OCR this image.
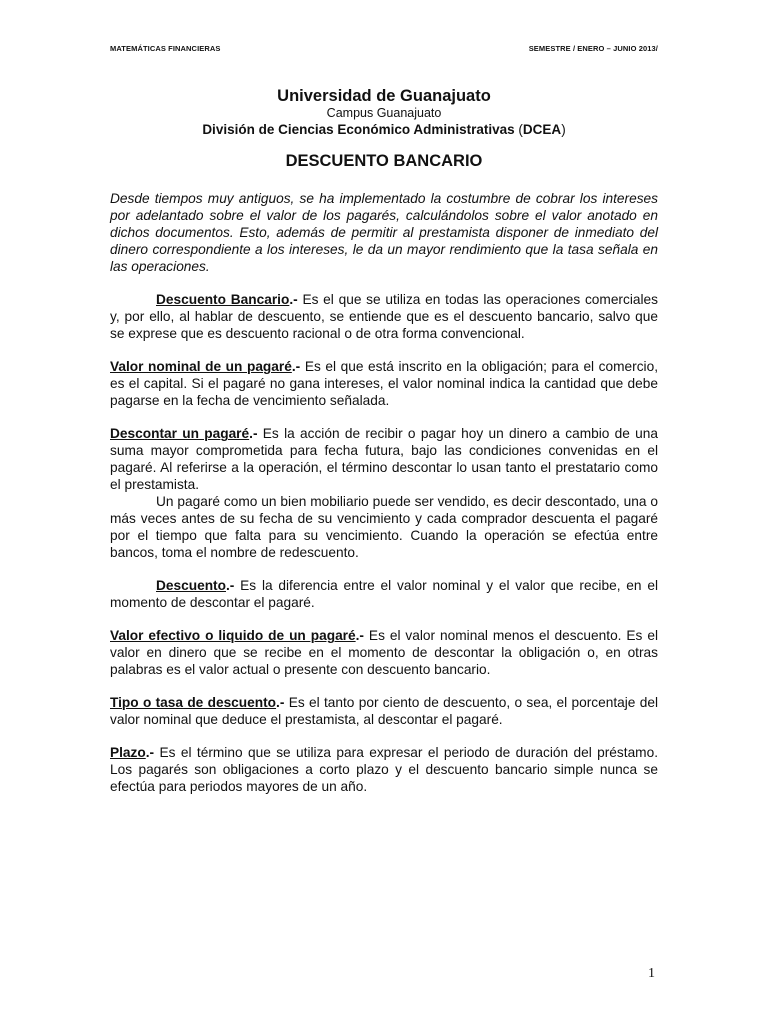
MATEMÁTICAS FINANCIERAS	SEMESTRE / ENERO – JUNIO 2013/
Universidad de Guanajuato
Campus Guanajuato
División de Ciencias Económico Administrativas (DCEA)
DESCUENTO BANCARIO

Desde tiempos muy antiguos, se ha implementado la costumbre de cobrar los intereses por adelantado sobre el valor de los pagarés, calculándolos sobre el valor anotado en dichos documentos. Esto, además de permitir al prestamista disponer de inmediato del dinero correspondiente a los intereses, le da un mayor rendimiento que la tasa señala en las operaciones.

Descuento Bancario.- Es el que se utiliza en todas las operaciones comerciales y, por ello, al hablar de descuento, se entiende que es el descuento bancario, salvo que se exprese que es descuento racional o de otra forma convencional.

Valor nominal de un pagaré.- Es el que está inscrito en la obligación; para el comercio, es el capital. Si el pagaré no gana intereses, el valor nominal indica la cantidad que debe pagarse en la fecha de vencimiento señalada.

Descontar un pagaré.- Es la acción de recibir o pagar hoy un dinero a cambio de una suma mayor comprometida para fecha futura, bajo las condiciones convenidas en el pagaré. Al referirse a la operación, el término descontar lo usan tanto el prestatario como el prestamista.

Un pagaré como un bien mobiliario puede ser vendido, es decir descontado, una o más veces antes de su fecha de su vencimiento y cada comprador descuenta el pagaré por el tiempo que falta para su vencimiento. Cuando la operación se efectúa entre bancos, toma el nombre de redescuento.

Descuento.- Es la diferencia entre el valor nominal y el valor que recibe, en el momento de descontar el pagaré.

Valor efectivo o liquido de un pagaré.- Es el valor nominal menos el descuento. Es el valor en dinero que se recibe en el momento de descontar la obligación o, en otras palabras es el valor actual o presente con descuento bancario.

Tipo o tasa de descuento.- Es el tanto por ciento de descuento, o sea, el porcentaje del valor nominal que deduce el prestamista, al descontar el pagaré.

Plazo.- Es el término que se utiliza para expresar el periodo de duración del préstamo. Los pagarés son obligaciones a corto plazo y el descuento bancario simple nunca se efectúa para periodos mayores de un año.

1
